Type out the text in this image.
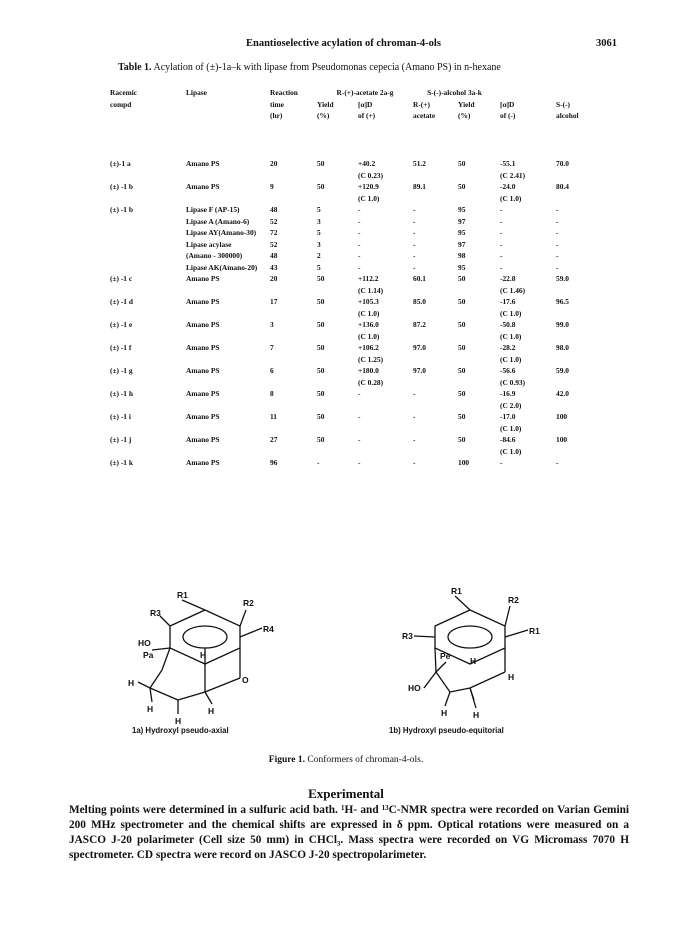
Enantioselective acylation of chroman-4-ols	3061
Table 1. Acylation of (±)-1a–k with lipase from Pseudomonas cepecia (Amano PS) in n-hexane
Racemic	Lipase	Reaction	R-(+)-acetate 2a-g		S-(-)-alcohol 3a-k			
compd		time	Yield	[α]D	R-(+)	Yield	[α]D	S-(-)
		(hr)	(%)	of (+)	acetate	(%)	of (-)	alcohol
(±)-1 a	Amano PS	20	50	+40.2	51.2	50	-55.1	70.0
				(C 0.23)			(C 2.41)	
(±) -1 b	Amano PS	9	50	+120.9	89.1	50	-24.0	80.4
				(C 1.0)			(C 1.0)	
(±) -1 b	Lipase F (AP-15)	48	5	-	-	95	-	-
	Lipase A (Amano-6)	52	3	-	-	97	-	-
	Lipase AY(Amano-30)	72	5	-	-	95	-	-
	Lipase acylase	52	3	-	-	97	-	-
	(Amano - 300000)	48	2	-	-	98	-	-
	Lipase AK(Amano-20)	43	5	-	-	95	-	-
(±) -1 c	Amano PS	20	50	+112.2	60.1	50	-22.8	59.0
				(C 1.14)			(C 1.46)	
(±) -1 d	Amano PS	17	50	+105.3	85.0	50	-17.6	96.5
				(C 1.0)			(C 1.0)	
(±) -1 e	Amano PS	3	50	+136.0	87.2	50	-50.8	99.0
				(C 1.0)			(C 1.0)	
(±) -1 f	Amano PS	7	50	+106.2	97.0	50	-28.2	98.0
				(C 1.25)			(C 1.0)	
(±) -1 g	Amano PS	6	50	+180.0	97.0	50	-56.6	59.0
				(C 0.28)			(C 0.93)	
(±) -1 h	Amano PS	8	50	-	-	50	-16.9	42.0
							(C 2.0)	
(±) -1 i	Amano PS	11	50	-	-	50	-17.0	100
							(C 1.0)	
(±) -1 j	Amano PS	27	50	-	-	50	-84.6	100
							(C 1.0)	
(±) -1 k	Amano PS	96	-	-	-	100	-	-
R1
R2
R3
R4
HO
Pa
H
H
H
H
H
O
R1
R2
R1
R3
HO
Pe
H	H
H
H
1a) Hydroxyl pseudo-axial	1b) Hydroxyl pseudo-equitorial
Figure 1. Conformers of chroman-4-ols.
Experimental
Melting points were determined in a sulfuric acid bath. ¹H- and ¹³C-NMR spectra were recorded on Varian Gemini 200 MHz spectrometer and the chemical shifts are expressed in δ ppm. Optical rotations were measured on a JASCO J-20 polarimeter (Cell size 50 mm) in CHCl₃. Mass spectra were recorded on VG Micromass 7070 H spectrometer. CD spectra were record on JASCO J-20 spectropolarimeter.
